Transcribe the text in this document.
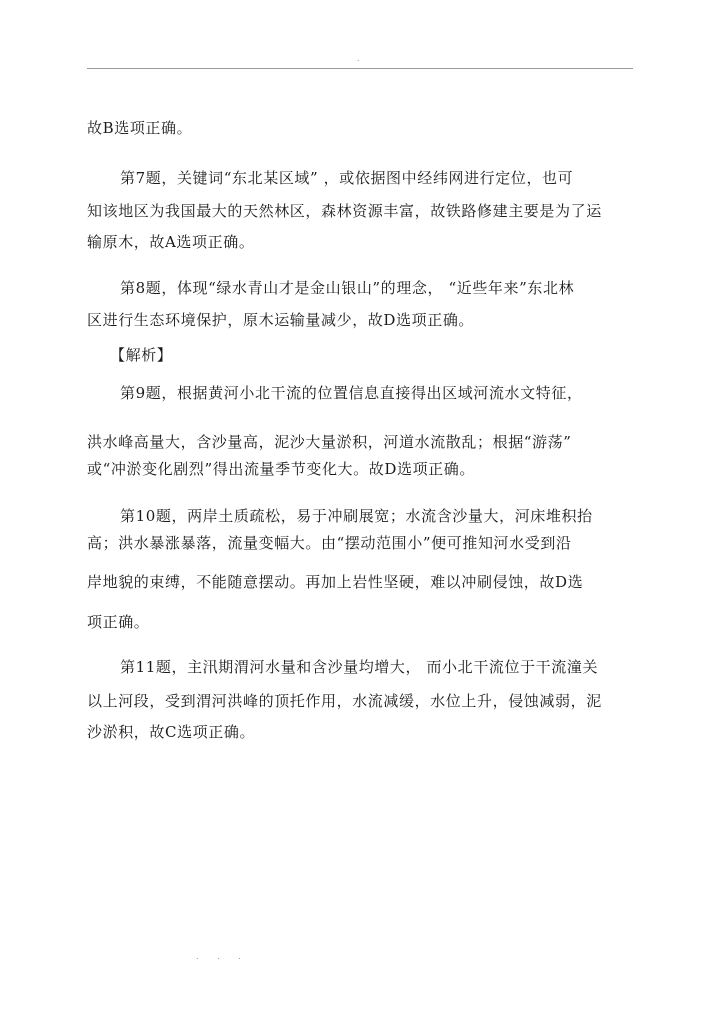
.
故B选项正确。
第7题，关键词“东北某区域” ，或依据图中经纬网进行定位，也可
知该地区为我国最大的天然林区，森林资源丰富，故铁路修建主要是为了运
输原木，故A选项正确。
第8题，体现“绿水青山才是金山银山”的理念， “近些年来”东北林
区进行生态环境保护，原木运输量减少，故D选项正确。
【解析】
第9题，根据黄河小北干流的位置信息直接得出区域河流水文特征，
洪水峰高量大，含沙量高，泥沙大量淤积，河道水流散乱；根据“游荡”
或“冲淤变化剧烈”得出流量季节变化大。故D选项正确。
第10题，两岸土质疏松，易于冲刷展宽；水流含沙量大，河床堆积抬
高；洪水暴涨暴落，流量变幅大。由“摆动范围小”便可推知河水受到沿
岸地貌的束缚，不能随意摆动。再加上岩性坚硬，难以冲刷侵蚀，故D选
项正确。
第11题，主汛期渭河水量和含沙量均增大， 而小北干流位于干流潼关
以上河段，受到渭河洪峰的顶托作用，水流减缓，水位上升，侵蚀减弱，泥
沙淤积，故C选项正确。
. . .
